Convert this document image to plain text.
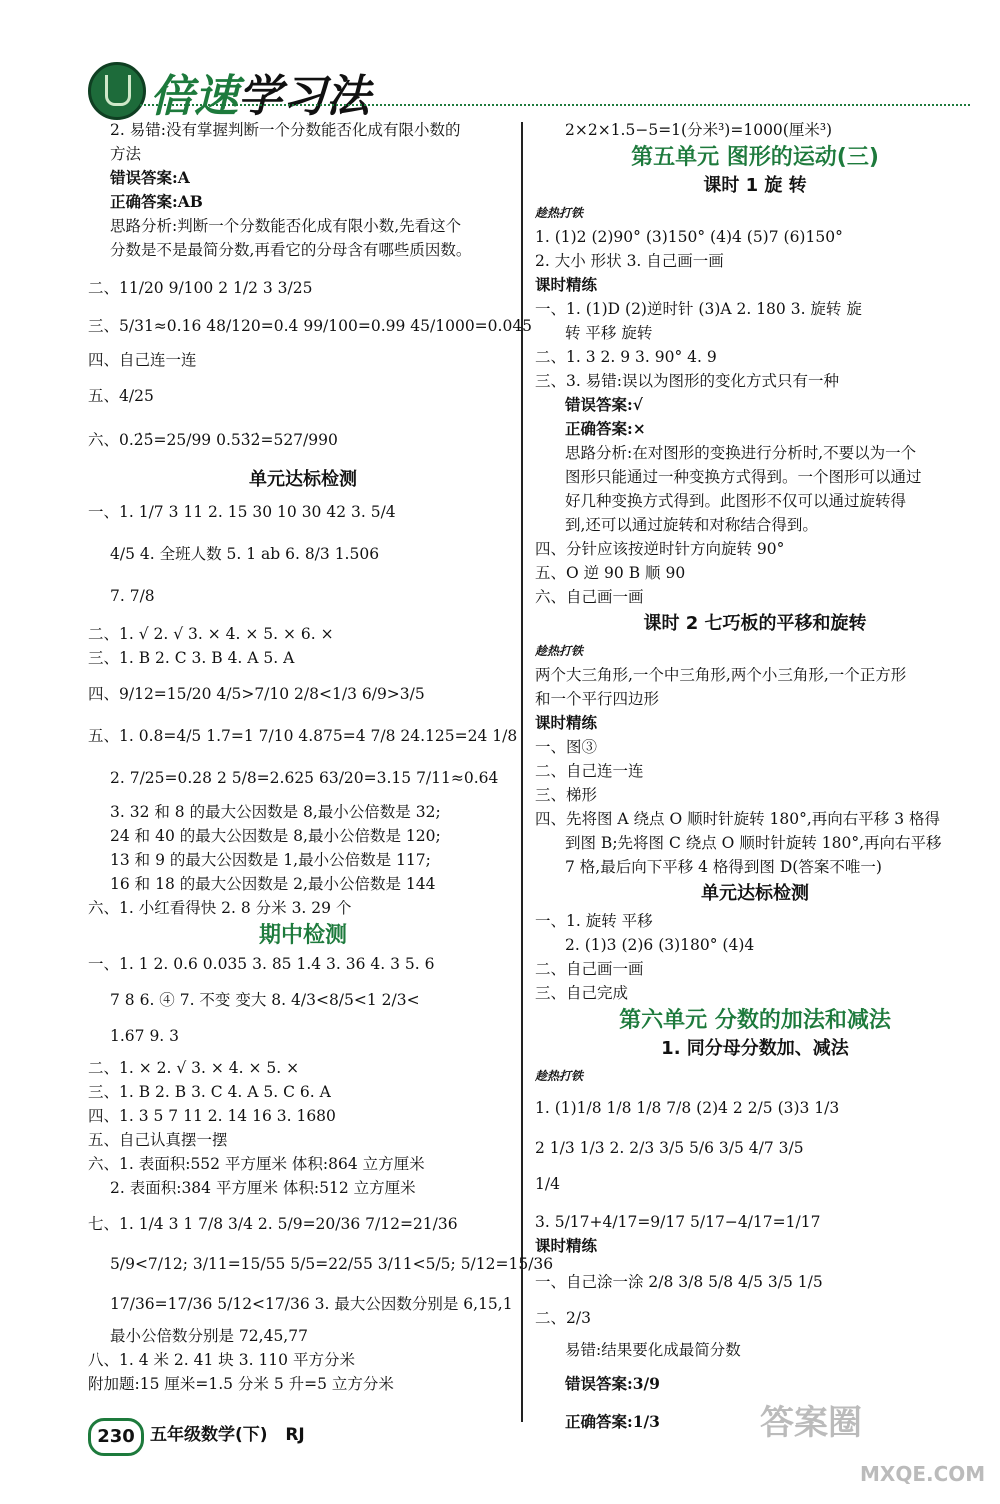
倍速学习法
2. 易错:没有掌握判断一个分数能否化成有限小数的
方法
错误答案:A
正确答案:AB
思路分析:判断一个分数能否化成有限小数,先看这个
分数是不是最简分数,再看它的分母含有哪些质因数。
二、11/20 9/100 2 1/2 3 3/25
三、5/31≈0.16 48/120=0.4 99/100=0.99 45/1000=0.045
四、自己连一连
五、4/25
六、0.2̇5̇=25/99 0.53̇2̇=527/990
单元达标检测
一、1. 1/7 3 11 2. 15 30 10 30 42 3. 5/4
4/5 4. 全班人数 5. 1 ab 6. 8/3 1.506
7. 7/8
二、1. √ 2. √ 3. × 4. × 5. × 6. ×
三、1. B 2. C 3. B 4. A 5. A
四、9/12=15/20 4/5>7/10 2/8<1/3 6/9>3/5
五、1. 0.8=4/5 1.7=1 7/10 4.875=4 7/8 24.125=24 1/8
2. 7/25=0.28 2 5/8=2.625 63/20=3.15 7/11≈0.64
3. 32 和 8 的最大公因数是 8,最小公倍数是 32;
24 和 40 的最大公因数是 8,最小公倍数是 120;
13 和 9 的最大公因数是 1,最小公倍数是 117;
16 和 18 的最大公因数是 2,最小公倍数是 144
六、1. 小红看得快 2. 8 分米 3. 29 个
期中检测
一、1. 1 2. 0.6 0.035 3. 85 1.4 3. 36 4. 3 5. 6
7 8 6. ④ 7. 不变 变大 8. 4/3<8/5<1 2/3<
1.67 9. 3
二、1. × 2. √ 3. × 4. × 5. ×
三、1. B 2. B 3. C 4. A 5. C 6. A
四、1. 3 5 7 11 2. 14 16 3. 1680
五、自己认真摆一摆
六、1. 表面积:552 平方厘米 体积:864 立方厘米
2. 表面积:384 平方厘米 体积:512 立方厘米
七、1. 1/4 3 1 7/8 3/4 2. 5/9=20/36 7/12=21/36
5/9<7/12; 3/11=15/55 5/5=22/55 3/11<5/5; 5/12=15/36
17/36=17/36 5/12<17/36 3. 最大公因数分别是 6,15,1
最小公倍数分别是 72,45,77
八、1. 4 米 2. 41 块 3. 110 平方分米
附加题:15 厘米=1.5 分米 5 升=5 立方分米
2×2×1.5−5=1(分米³)=1000(厘米³)
第五单元 图形的运动(三)
课时 1 旋 转
趁热打铁
1. (1)2 (2)90° (3)150° (4)4 (5)7 (6)150°
2. 大小 形状 3. 自己画一画
课时精练
一、1. (1)D (2)逆时针 (3)A 2. 180 3. 旋转 旋
转 平移 旋转
二、1. 3 2. 9 3. 90° 4. 9
三、3. 易错:误以为图形的变化方式只有一种
错误答案:√
正确答案:×
思路分析:在对图形的变换进行分析时,不要以为一个
图形只能通过一种变换方式得到。一个图形可以通过
好几种变换方式得到。此图形不仅可以通过旋转得
到,还可以通过旋转和对称结合得到。
四、分针应该按逆时针方向旋转 90°
五、O 逆 90 B 顺 90
六、自己画一画
课时 2 七巧板的平移和旋转
趁热打铁
两个大三角形,一个中三角形,两个小三角形,一个正方形
和一个平行四边形
课时精练
一、图③
二、自己连一连
三、梯形
四、先将图 A 绕点 O 顺时针旋转 180°,再向右平移 3 格得
到图 B;先将图 C 绕点 O 顺时针旋转 180°,再向右平移
7 格,最后向下平移 4 格得到图 D(答案不唯一)
单元达标检测
一、1. 旋转 平移
2. (1)3 (2)6 (3)180° (4)4
二、自己画一画
三、自己完成
第六单元 分数的加法和减法
1. 同分母分数加、减法
趁热打铁
1. (1)1/8 1/8 1/8 7/8 (2)4 2 2/5 (3)3 1/3
2 1/3 1/3 2. 2/3 3/5 5/6 3/5 4/7 3/5
1/4
3. 5/17+4/17=9/17 5/17−4/17=1/17
课时精练
一、自己涂一涂 2/8 3/8 5/8 4/5 3/5 1/5
二、2/3
易错:结果要化成最简分数
错误答案:3/9
正确答案:1/3
230 五年级数学(下) RJ	答案圈
MXQE.COM
